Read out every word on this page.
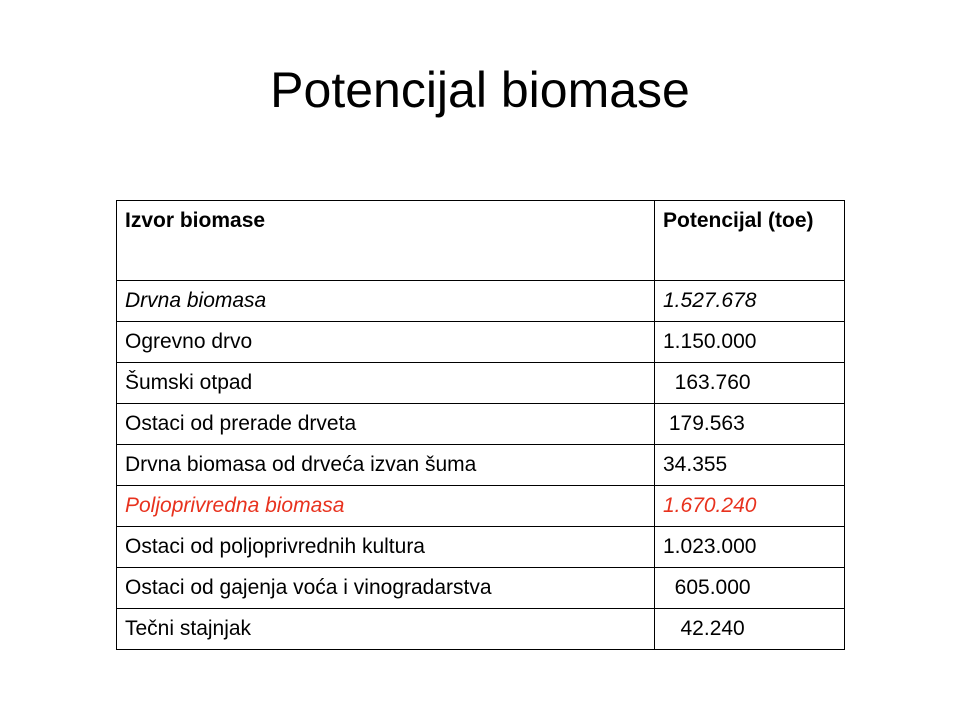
Potencijal biomase
Izvor biomase	Potencijal (toe)
Drvna biomasa	1.527.678
Ogrevno drvo	1.150.000
Šumski otpad	163.760
Ostaci od prerade drveta	179.563
Drvna biomasa od drveća izvan šuma	34.355
Poljoprivredna biomasa	1.670.240
Ostaci od poljoprivrednih kultura	1.023.000
Ostaci od gajenja voća i vinogradarstva	605.000
Tečni stajnjak	42.240
